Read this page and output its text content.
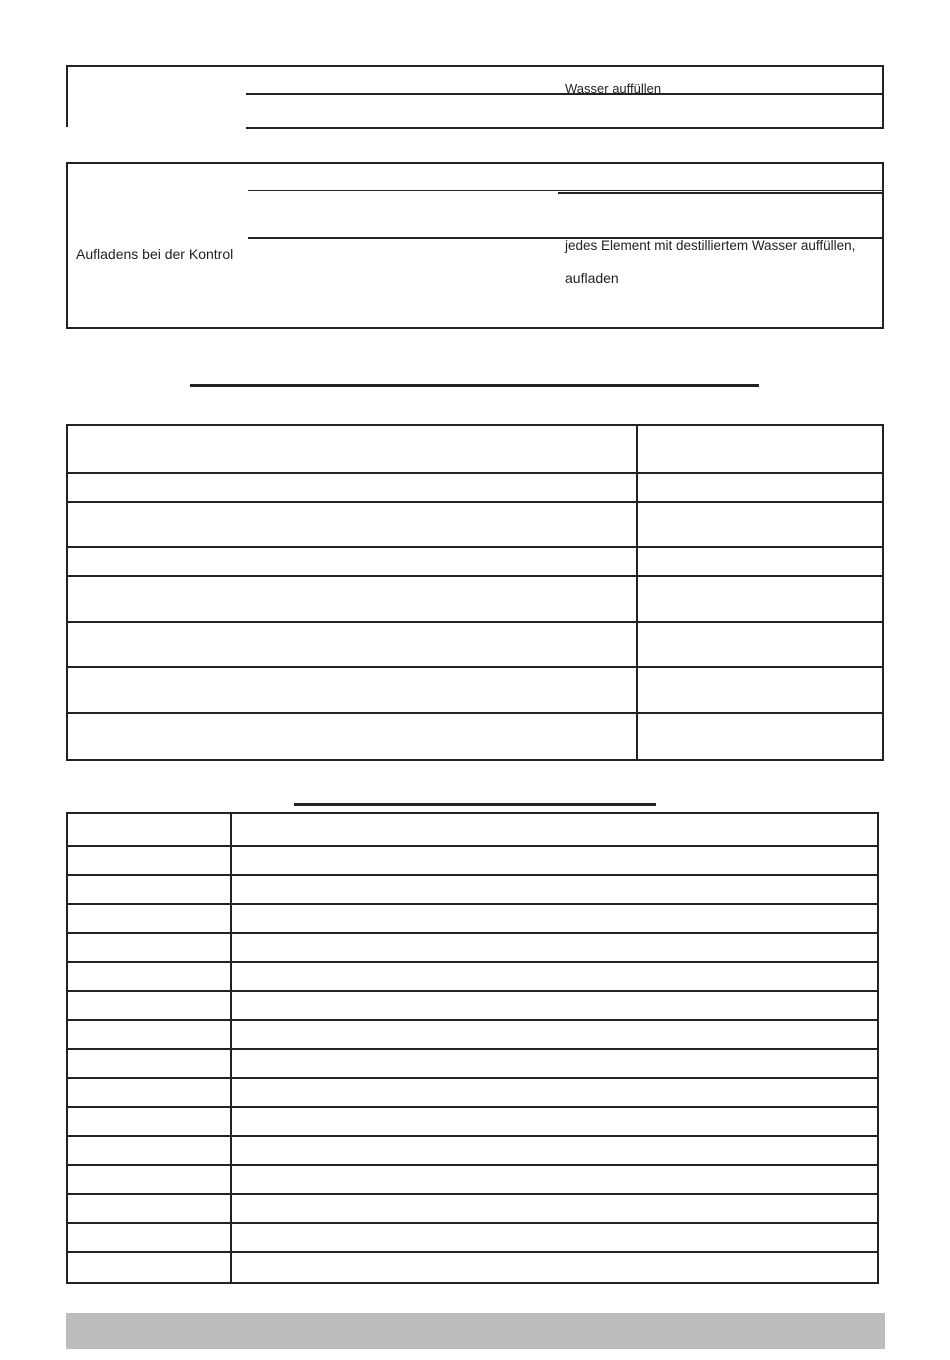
Wasser auffüllen
Aufladens bei der Kontrol
jedes Element mit destilliertem Wasser auffüllen,
aufladen
